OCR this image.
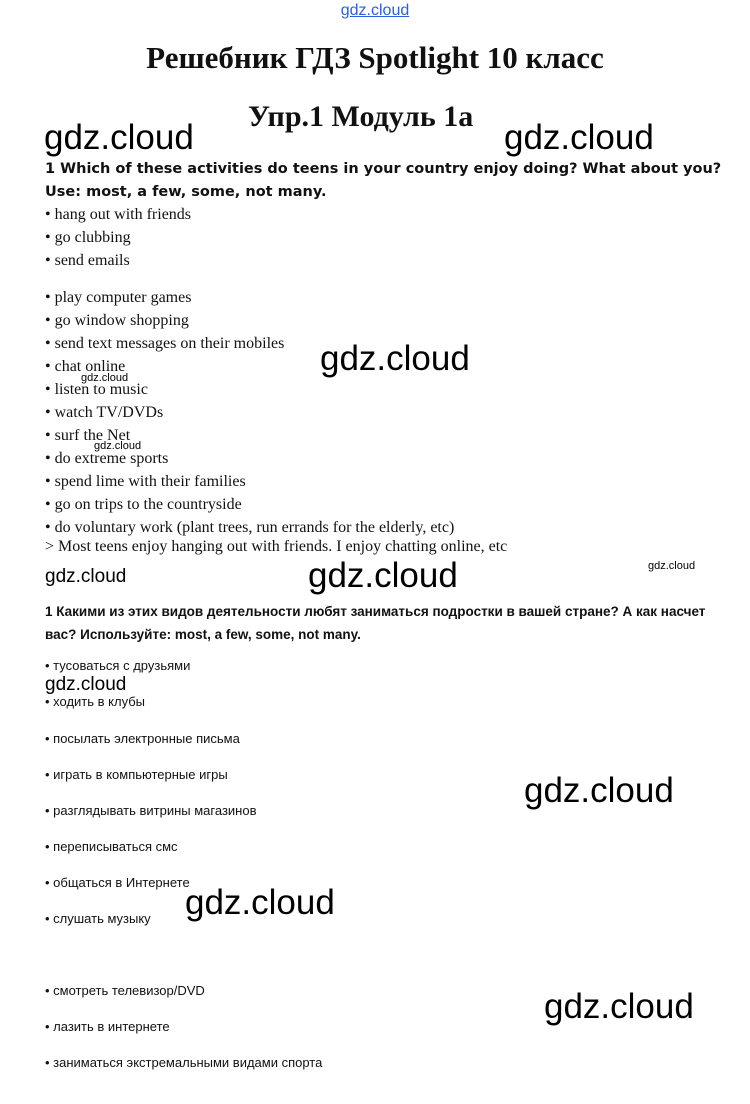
gdz.cloud
Решебник ГДЗ Spotlight 10 класс
Упр.1 Модуль 1a
1 Which of these activities do teens in your country enjoy doing? What about you?
Use: most, a few, some, not many.
• hang out with friends
• go clubbing
• send emails
• play computer games
• go window shopping
• send text messages on their mobiles
• chat online
• listen to music
• watch TV/DVDs
• surf the Net
• do extreme sports
• spend lime with their families
• go on trips to the countryside
• do voluntary work (plant trees, run errands for the elderly, etc)
> Most teens enjoy hanging out with friends. I enjoy chatting online, etc
1 Какими из этих видов деятельности любят заниматься подростки в вашей стране? А как насчет
вас? Используйте: most, a few, some, not many.
• тусоваться с друзьями
• ходить в клубы
• посылать электронные письма
• играть в компьютерные игры
• разглядывать витрины магазинов
• переписываться смс
• общаться в Интернете
• слушать музыку
• смотреть телевизор/DVD
• лазить в интернете
• заниматься экстремальными видами спорта
gdz.cloud	gdz.cloud
gdz.cloud
gdz.cloud
gdz.cloud
gdz.cloud	gdz.cloud	gdz.cloud
gdz.cloud
gdz.cloud
gdz.cloud
gdz.cloud
